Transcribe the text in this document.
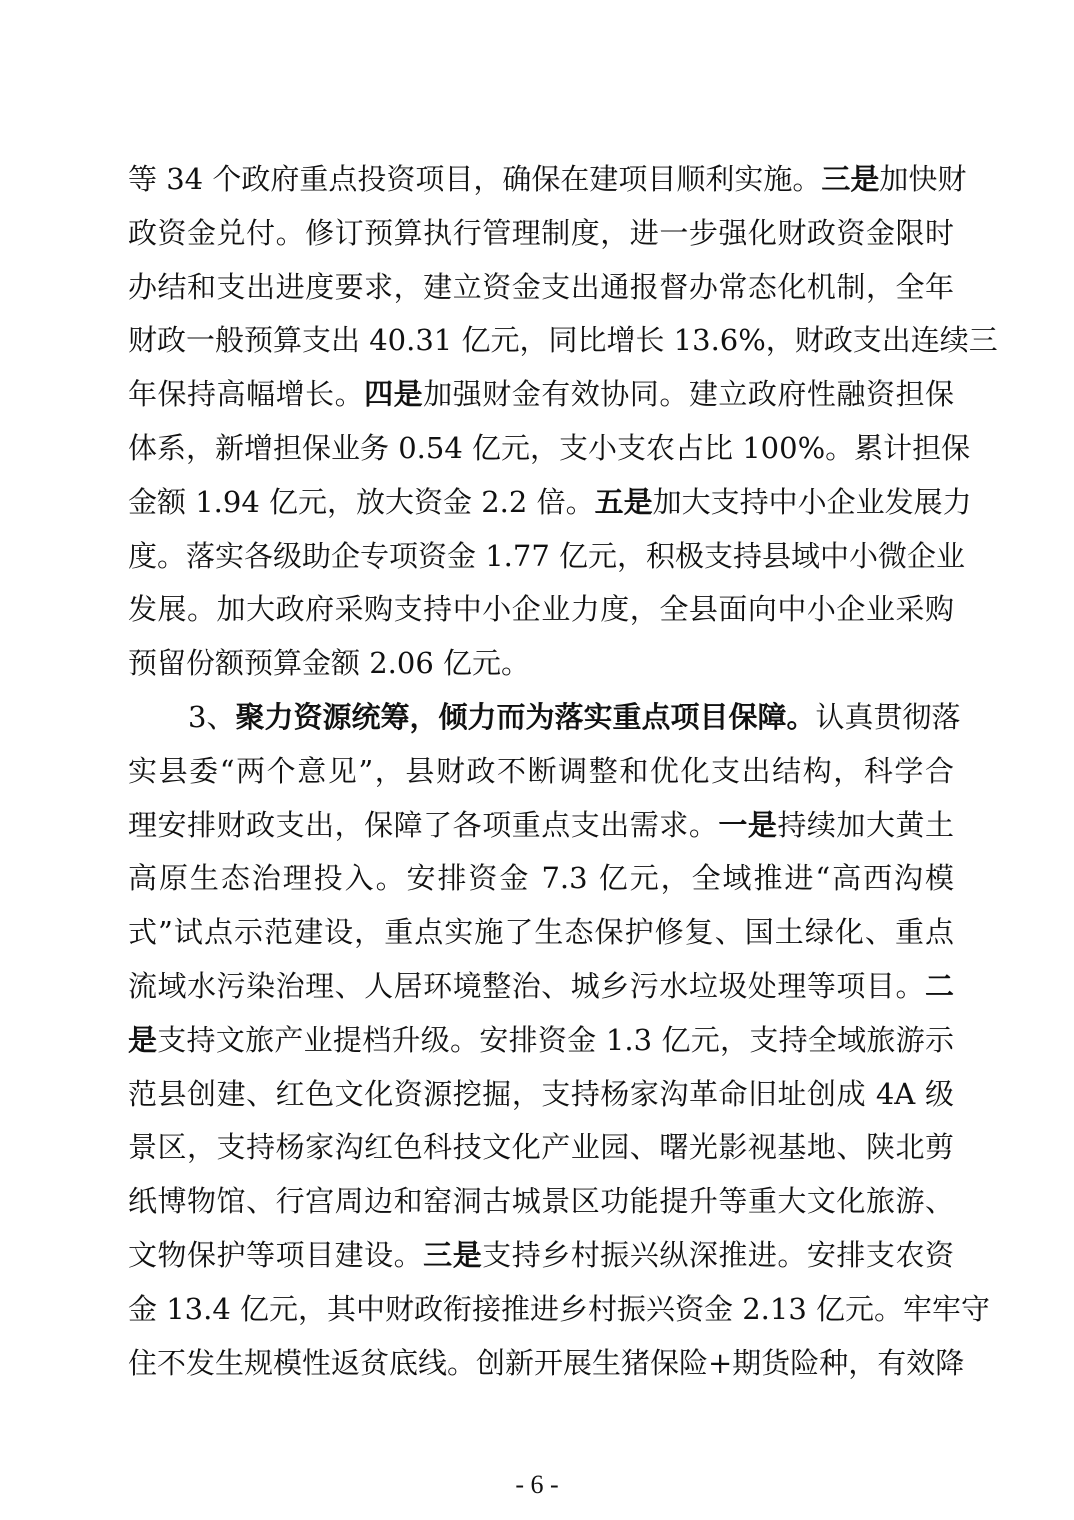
等 34 个政府重点投资项目，确保在建项目顺利实施。三是加快财
政资金兑付。修订预算执行管理制度，进一步强化财政资金限时
办结和支出进度要求，建立资金支出通报督办常态化机制，全年
财政一般预算支出 40.31 亿元，同比增长 13.6%，财政支出连续三
年保持高幅增长。四是加强财金有效协同。建立政府性融资担保
体系，新增担保业务 0.54 亿元，支小支农占比 100%。累计担保
金额 1.94 亿元，放大资金 2.2 倍。五是加大支持中小企业发展力
度。落实各级助企专项资金 1.77 亿元，积极支持县域中小微企业
发展。加大政府采购支持中小企业力度，全县面向中小企业采购
预留份额预算金额 2.06 亿元。
3、聚力资源统筹，倾力而为落实重点项目保障。认真贯彻落
实县委“两个意见”，县财政不断调整和优化支出结构，科学合
理安排财政支出，保障了各项重点支出需求。一是持续加大黄土
高原生态治理投入。安排资金 7.3 亿元，全域推进“高西沟模
式”试点示范建设，重点实施了生态保护修复、国土绿化、重点
流域水污染治理、人居环境整治、城乡污水垃圾处理等项目。二
是支持文旅产业提档升级。安排资金 1.3 亿元，支持全域旅游示
范县创建、红色文化资源挖掘，支持杨家沟革命旧址创成 4A 级
景区，支持杨家沟红色科技文化产业园、曙光影视基地、陕北剪
纸博物馆、行宫周边和窑洞古城景区功能提升等重大文化旅游、
文物保护等项目建设。三是支持乡村振兴纵深推进。安排支农资
金 13.4 亿元，其中财政衔接推进乡村振兴资金 2.13 亿元。牢牢守
住不发生规模性返贫底线。创新开展生猪保险+期货险种，有效降
- 6 -
